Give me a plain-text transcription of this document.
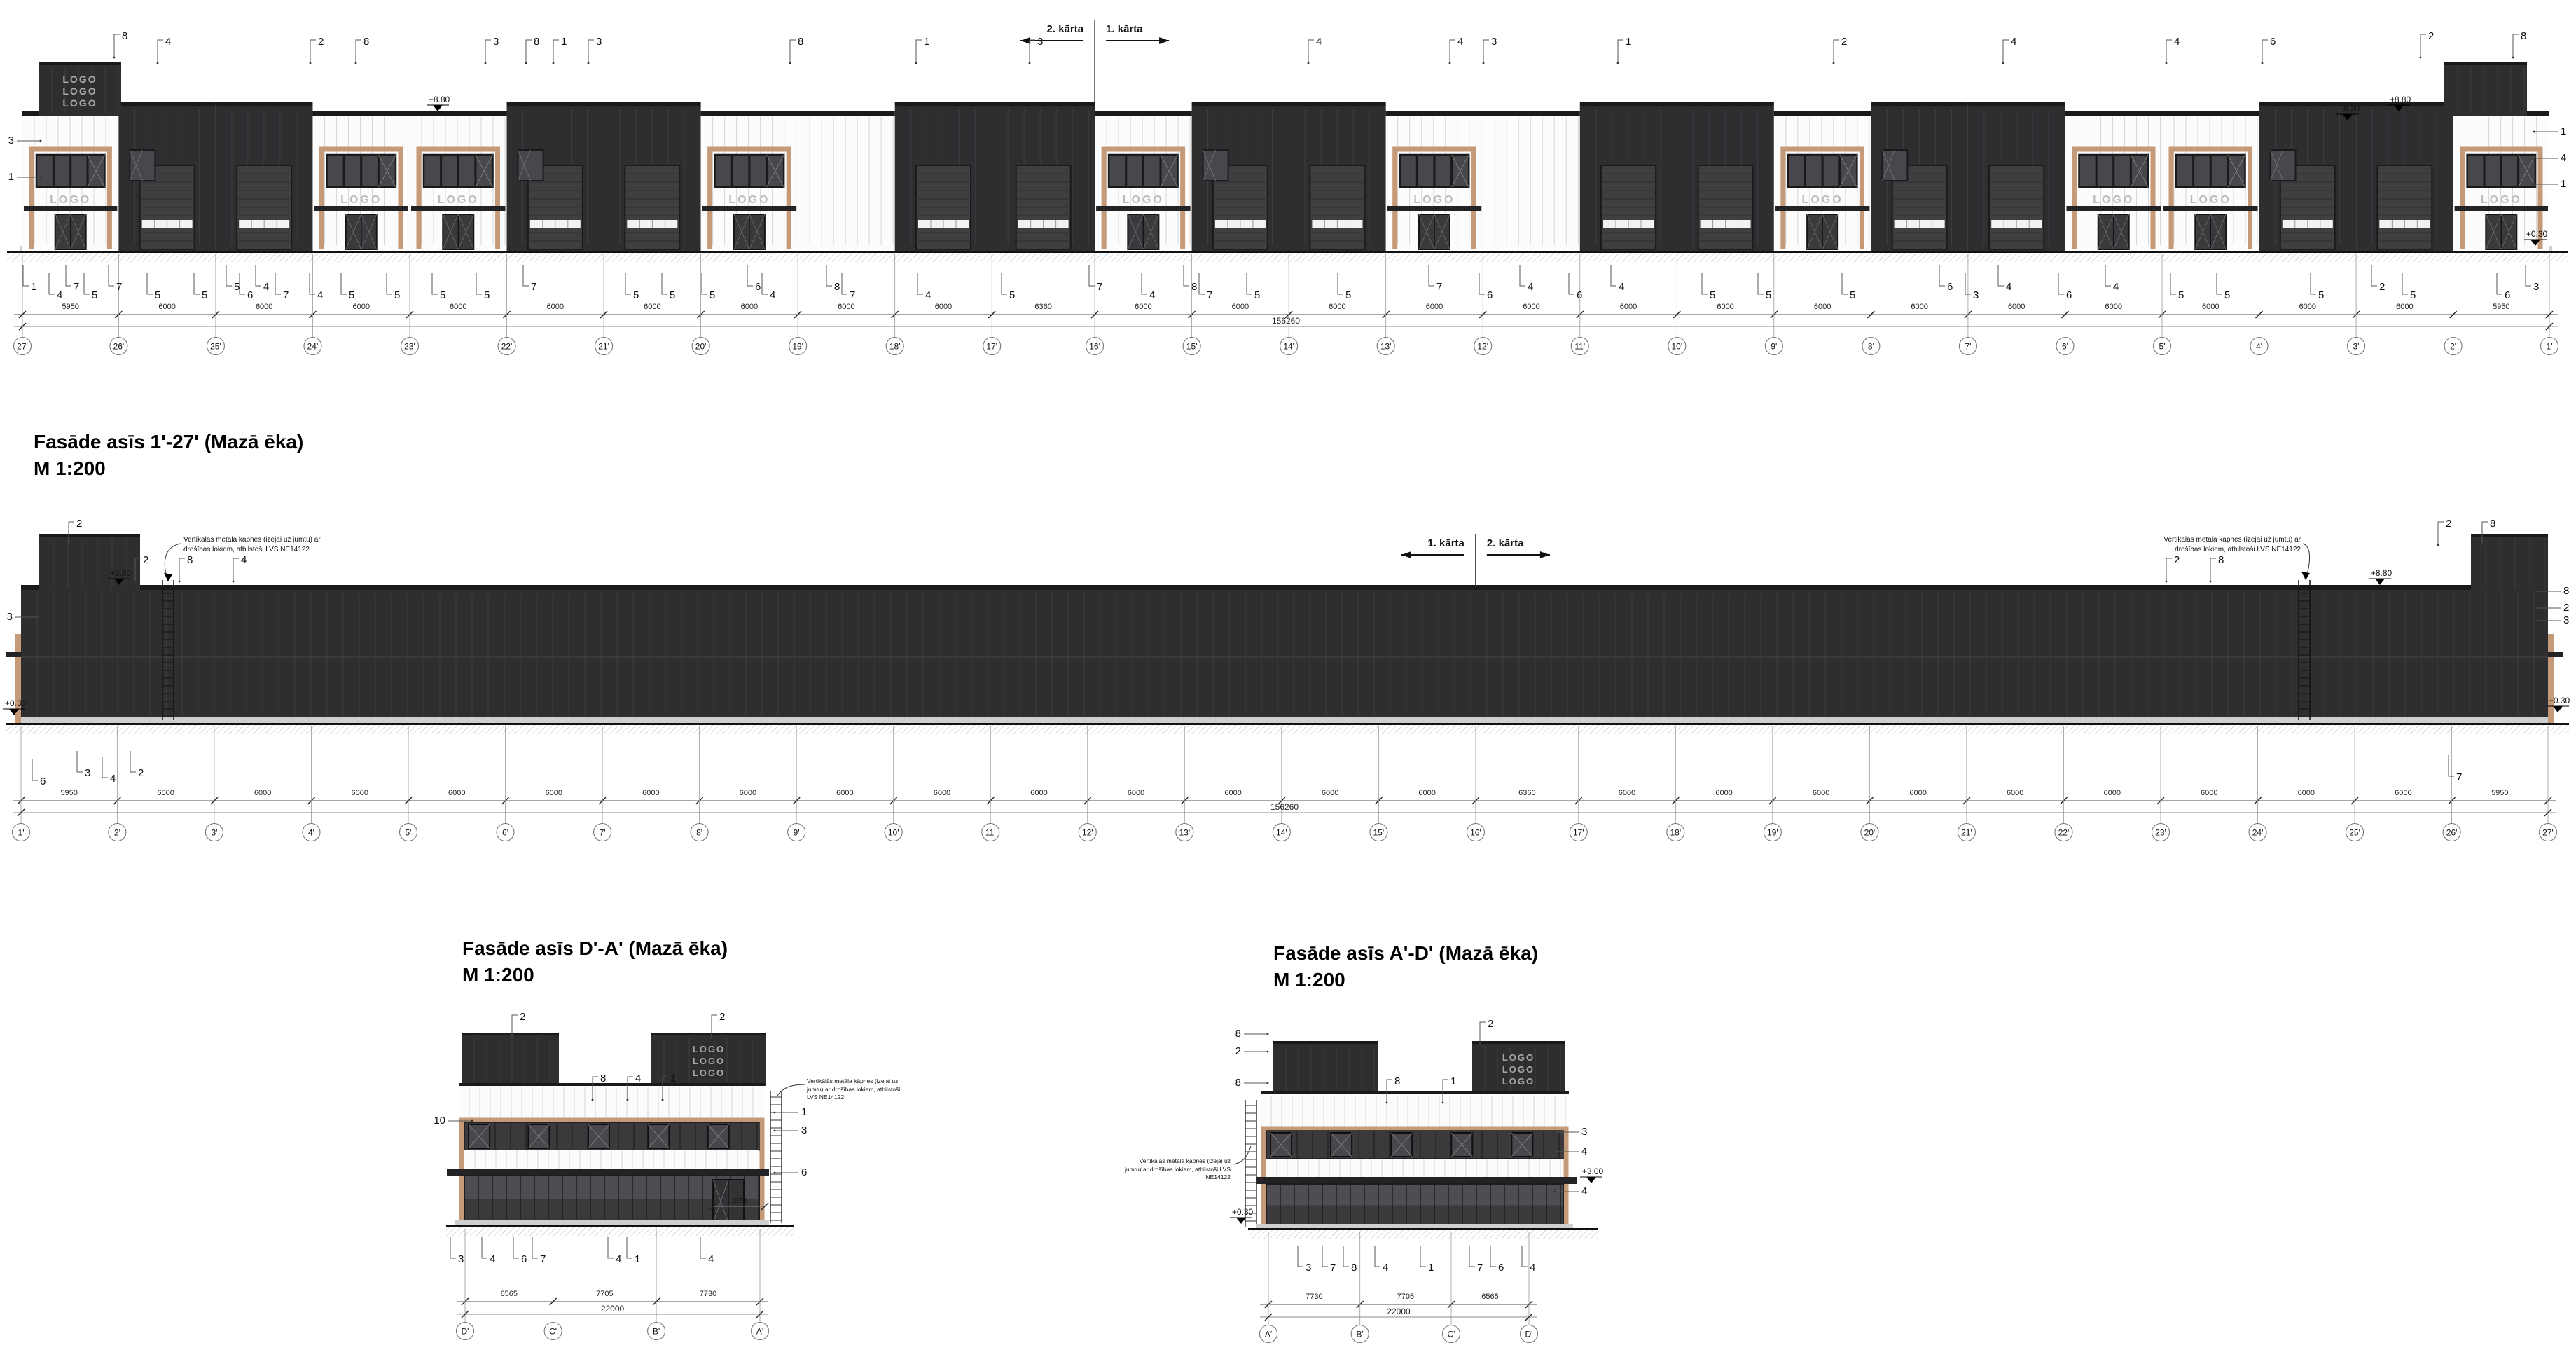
LOGO	LOGO	LOGO	LOGO	LOGO	LOGO	LOGO	LOGO	LOGO	LOGO
LOGO
LOGO
LOGO
2. kārta 1. kārta
5950	6000	6000	6000	6000	6000	6000	6000	6000	6000	6360	6000	6000	6000	6000	6000	6000	6000	6000	6000	6000	6000	6000	6000	6000	5950
156260
27'	26'	25'	24'	23'	22'	21'	20'	19'	18'	17'	16'	15'	14'	13'	12'	11'	10'	9'	8'	7'	6'	5'	4'	3'	2'	1'
8	4	2	8	3	8 1	3	8	1	3	4	4	3	1	2	4	4	6	2	8
1
4
7
5
7
5	5
5
6
4
7	4 5	5	5	5
7
5	5	5
6
4
8
7	4	5
7
4
8
7	5	5
7
6
4
6
4
5	5	5
6
3
4
6
4
5	5	5
2
5	6
3
3
1
1
4
1
+8.80	+8.80
+8.20
+0.30
1. kārta 2. kārta
5950	6000	6000	6000	6000	6000	6000	6000	6000	6000	6000	6000	6000	6000	6000	6360	6000	6000	6000	6000	6000	6000	6000	6000	6000	5950
156260
1'	2'	3'	4'	5'	6'	7'	8'	9'	10'	11'	12'	13'	14'	15'	16'	17'	18'	19'	20'	21'	22'	23'	24'	25'	26'	27'
2
2	8	4	2	8
2	8
6
3 4 2	7
3
8
2
3
+8.80
+0.30
+8.80
+0.30
LOGO
LOGO
LOGO
1960
6565	7705	7730
22000
D'	C'	B'	A'
2	2
8	4	1
3 4 6 7	4 1	4
10
1
3
6
LOGO
LOGO
LOGO
7730	7705	6565
22000
A'	B'	C'	D'
2
8	1
3 7 8 4	1	7 6 4
8
2
8
3
4
4
+0.30
+3.00
Fasāde asīs 1'-27' (Mazā ēka)
M 1:200
Fasāde asīs D'-A' (Mazā ēka)
M 1:200
Fasāde asīs A'-D' (Mazā ēka)
M 1:200
Vertikālās metāla kāpnes (izejai uz jumtu) ar drošības lokiem, atbilstoši LVS NE14122
Vertikālās metāla kāpnes (izejai uz jumtu) ar drošības lokiem, atbilstoši LVS NE14122
Vertikālās metāla kāpnes (izejai uz jumtu) ar drošības lokiem, atbilstoši LVS NE14122
Vertikālās metāla kāpnes (izejai uz jumtu) ar drošības lokiem, atbilstoši LVS NE14122
